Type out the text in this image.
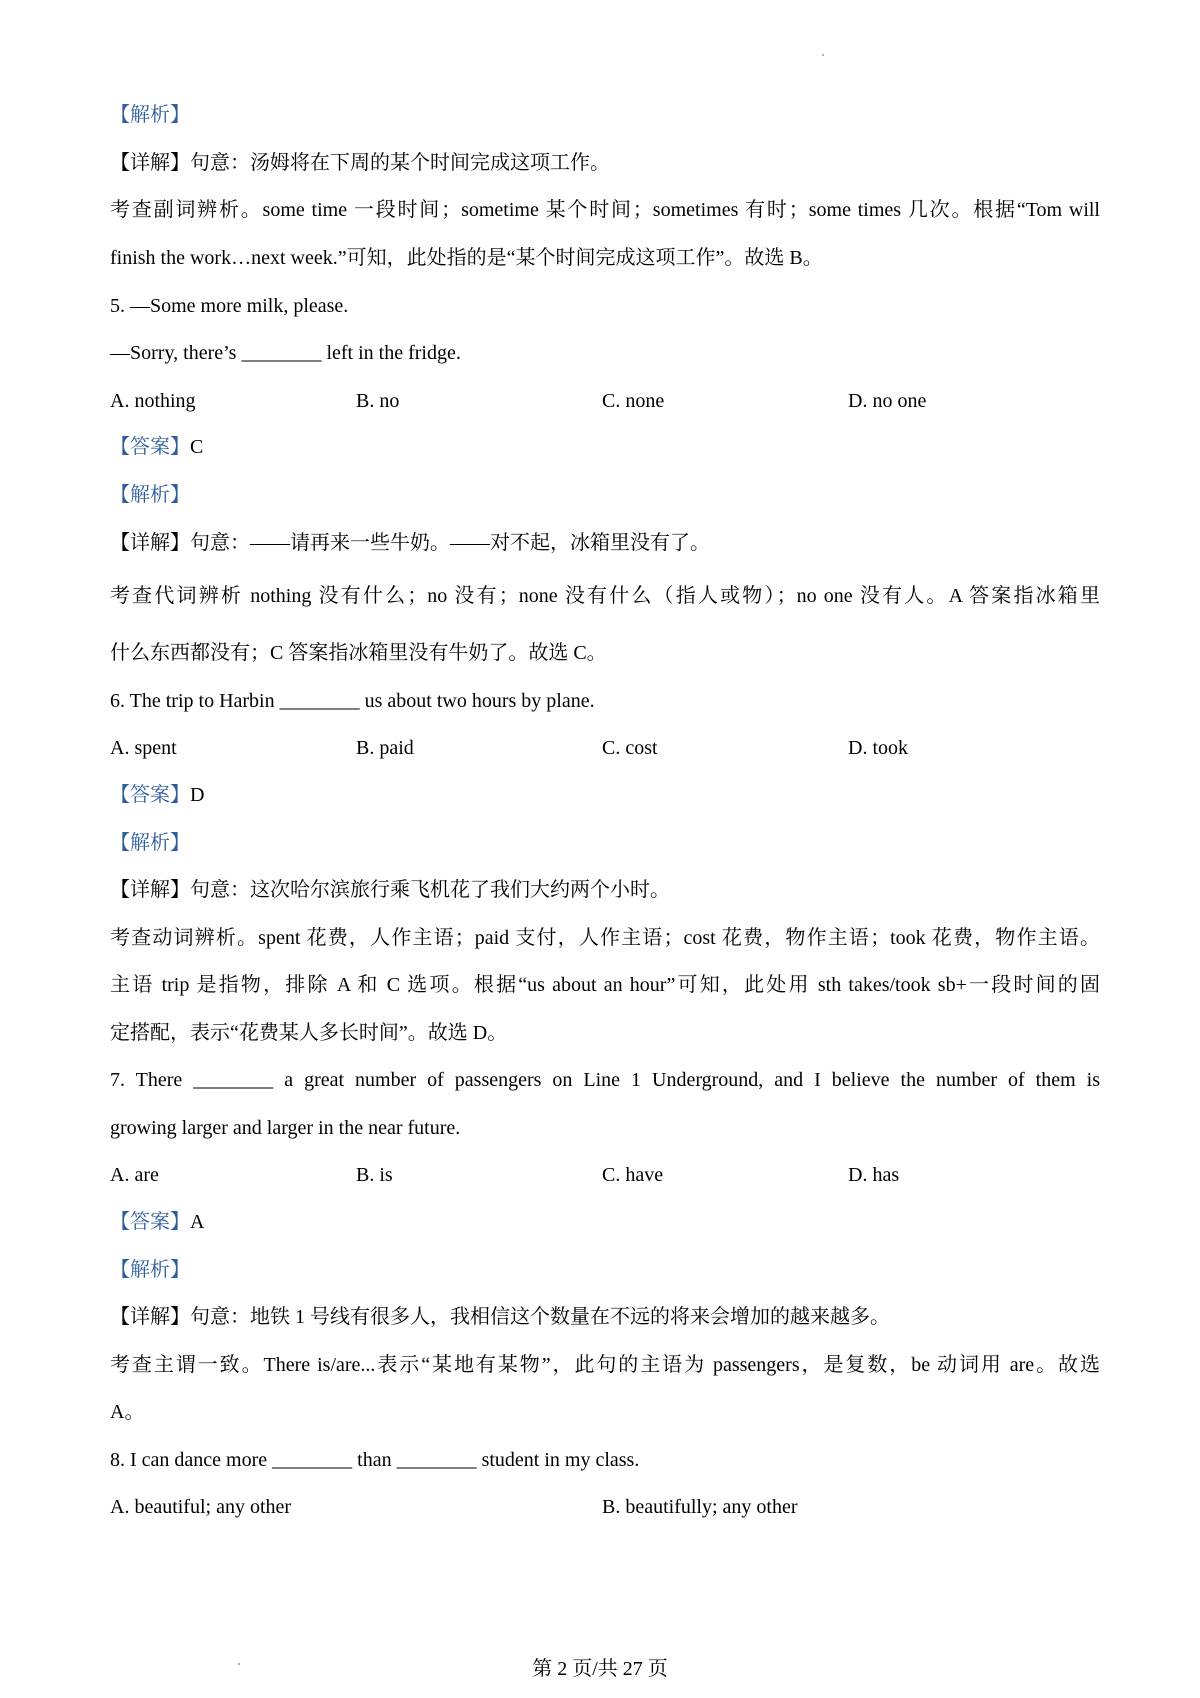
【解析】
【详解】句意：汤姆将在下周的某个时间完成这项工作。
考查副词辨析。some time 一段时间；sometime 某个时间；sometimes 有时；some times 几次。根据“Tom will
finish the work…next week.”可知，此处指的是“某个时间完成这项工作”。故选 B。
5. —Some more milk, please.
—Sorry, there’s ________ left in the fridge.
A. nothing	B. no	C. none	D. no one
【答案】C
【解析】
【详解】句意：——请再来一些牛奶。——对不起，冰箱里没有了。
考查代词辨析 nothing 没有什么；no 没有；none 没有什么（指人或物）；no one 没有人。A 答案指冰箱里
什么东西都没有；C 答案指冰箱里没有牛奶了。故选 C。
6. The trip to Harbin ________ us about two hours by plane.
A. spent	B. paid	C. cost	D. took
【答案】D
【解析】
【详解】句意：这次哈尔滨旅行乘飞机花了我们大约两个小时。
考查动词辨析。spent 花费，人作主语；paid 支付，人作主语；cost 花费，物作主语；took 花费，物作主语。
主语 trip 是指物，排除 A 和 C 选项。根据“us about an hour”可知，此处用 sth takes/took sb+一段时间的固
定搭配，表示“花费某人多长时间”。故选 D。
7. There ________ a great number of passengers on Line 1 Underground, and I believe the number of them is
growing larger and larger in the near future.
A. are	B. is	C. have	D. has
【答案】A
【解析】
【详解】句意：地铁 1 号线有很多人，我相信这个数量在不远的将来会增加的越来越多。
考查主谓一致。There is/are...表示“某地有某物”，此句的主语为 passengers，是复数，be 动词用 are。故选
A。
8. I can dance more ________ than ________ student in my class.
A. beautiful; any other	B. beautifully; any other
第 2 页/共 27 页
